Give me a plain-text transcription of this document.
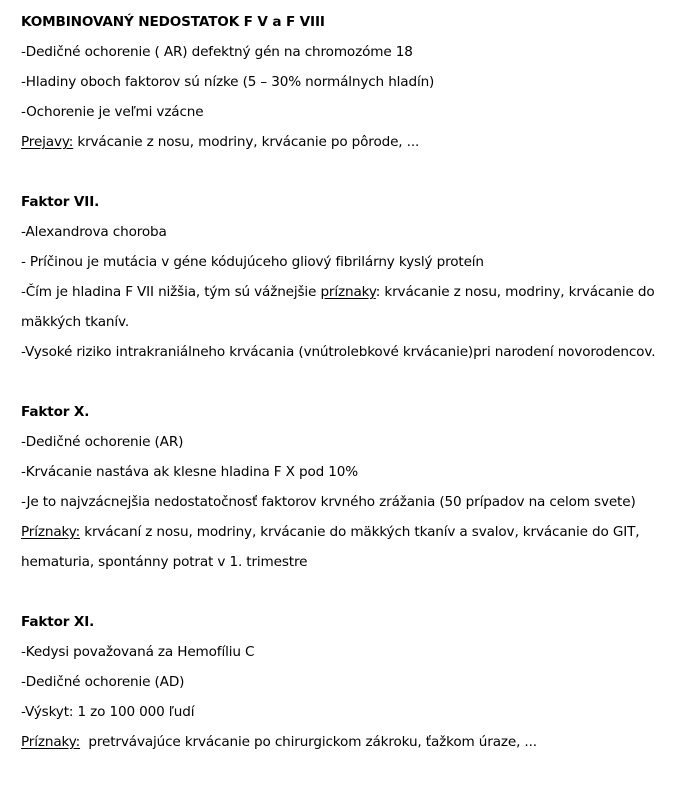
KOMBINOVANÝ NEDOSTATOK F V a F VIII
-Dedičné ochorenie ( AR) defektný gén na chromozóme 18
-Hladiny oboch faktorov sú nízke (5 – 30% normálnych hladín)
-Ochorenie je veľmi vzácne
Prejavy: krvácanie z nosu, modriny, krvácanie po pôrode, ...
Faktor VII.
-Alexandrova choroba
- Príčinou je mutácia v géne kódujúceho gliový fibrilárny kyslý proteín
-Čím je hladina F VII nižšia, tým sú vážnejšie príznaky: krvácanie z nosu, modriny, krvácanie do
mäkkých tkanív.
-Vysoké riziko intrakraniálneho krvácania (vnútrolebkové krvácanie)pri narodení novorodencov.
Faktor X.
-Dedičné ochorenie (AR)
-Krvácanie nastáva ak klesne hladina F X pod 10%
-Je to najvzácnejšia nedostatočnosť faktorov krvného zrážania (50 prípadov na celom svete)
Príznaky: krvácaní z nosu, modriny, krvácanie do mäkkých tkanív a svalov, krvácanie do GIT,
hematuria, spontánny potrat v 1. trimestre
Faktor XI.
-Kedysi považovaná za Hemofíliu C
-Dedičné ochorenie (AD)
-Výskyt: 1 zo 100 000 ľudí
Príznaky:  pretrvávajúce krvácanie po chirurgickom zákroku, ťažkom úraze, ...
